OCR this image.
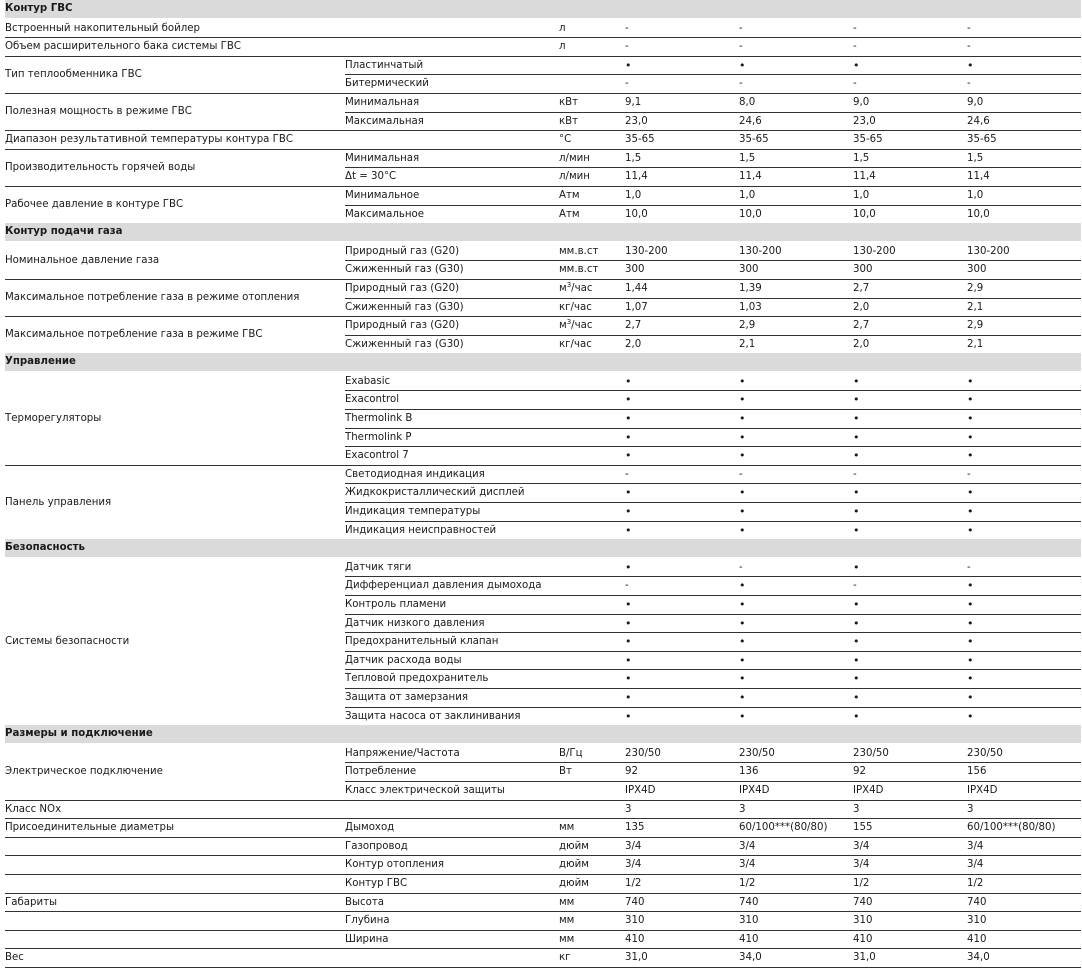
Контур ГВС						
Встроенный накопительный бойлер		л	-	-	-	-
Объем расширительного бака системы ГВС		л	-	-	-	-
Тип теплообменника ГВС	Пластинчатый		•	•	•	•
	Битермический		-	-	-	-
Полезная мощность в режиме ГВС	Минимальная	кВт	9,1	8,0	9,0	9,0
	Максимальная	кВт	23,0	24,6	23,0	24,6
Диапазон результативной температуры контура ГВС		°C	35-65	35-65	35-65	35-65
Производительность горячей воды	Минимальная	л/мин	1,5	1,5	1,5	1,5
	Δt = 30°C	л/мин	11,4	11,4	11,4	11,4
Рабочее давление в контуре ГВС	Минимальное	Атм	1,0	1,0	1,0	1,0
	Максимальное	Атм	10,0	10,0	10,0	10,0
Контур подачи газа						
Номинальное давление газа	Природный газ (G20)	мм.в.ст	130-200	130-200	130-200	130-200
	Сжиженный газ (G30)	мм.в.ст	300	300	300	300
Максимальное потребление газа в режиме отопления	Природный газ (G20)	$м^3$/час	1,44	1,39	2,7	2,9
	Сжиженный газ (G30)	кг/час	1,07	1,03	2,0	2,1
Максимальное потребление газа в режиме ГВС	Природный газ (G20)	$м^3$/час	2,7	2,9	2,7	2,9
	Сжиженный газ (G30)	кг/час	2,0	2,1	2,0	2,1
Управление						
Терморегуляторы	Exabasic		•	•	•	•
	Exacontrol		•	•	•	•
	Thermolink B		•	•	•	•
	Thermolink P		•	•	•	•
	Exacontrol 7		•	•	•	•
Панель управления	Светодиодная индикация		-	-	-	-
	Жидкокристаллический дисплей		•	•	•	•
	Индикация температуры		•	•	•	•
	Индикация неисправностей		•	•	•	•
Безопасность						
Системы безопасности	Датчик тяги		•	-	•	-
	Дифференциал давления дымохода		-	•	-	•
	Контроль пламени		•	•	•	•
	Датчик низкого давления		•	•	•	•
	Предохранительный клапан		•	•	•	•
	Датчик расхода воды		•	•	•	•
	Тепловой предохранитель		•	•	•	•
	Защита от замерзания		•	•	•	•
	Защита насоса от заклинивания		•	•	•	•
Размеры и подключение						
Электрическое подключение	Напряжение/Частота	В/Гц	230/50	230/50	230/50	230/50
	Потребление	Вт	92	136	92	156
	Класс электрической защиты		IPX4D	IPX4D	IPX4D	IPX4D
Класс NOx			3	3	3	3
Присоединительные диаметры	Дымоход	мм	135	60/100***(80/80)	155	60/100***(80/80)
	Газопровод	дюйм	3/4	3/4	3/4	3/4
	Контур отопления	дюйм	3/4	3/4	3/4	3/4
	Контур ГВС	дюйм	1/2	1/2	1/2	1/2
Габариты	Высота	мм	740	740	740	740
	Глубина	мм	310	310	310	310
	Ширина	мм	410	410	410	410
Вес		кг	31,0	34,0	31,0	34,0
